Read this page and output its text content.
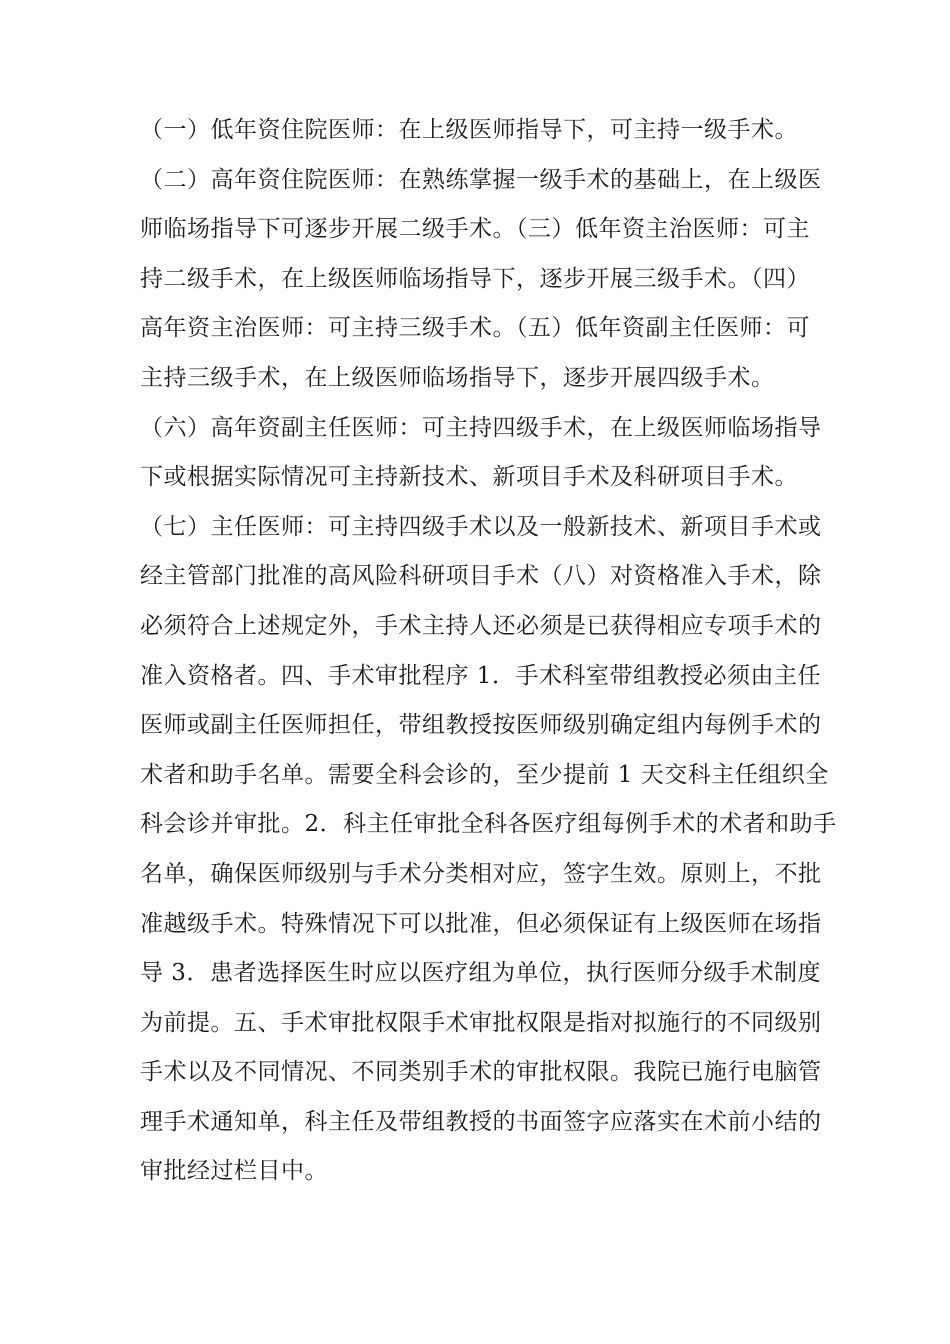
（一）低年资住院医师：在上级医师指导下，可主持一级手术。
（二）高年资住院医师：在熟练掌握一级手术的基础上，在上级医
师临场指导下可逐步开展二级手术。（三）低年资主治医师：可主
持二级手术，在上级医师临场指导下，逐步开展三级手术。（四）
高年资主治医师：可主持三级手术。（五）低年资副主任医师：可
主持三级手术，在上级医师临场指导下，逐步开展四级手术。
（六）高年资副主任医师：可主持四级手术，在上级医师临场指导
下或根据实际情况可主持新技术、新项目手术及科研项目手术。
（七）主任医师：可主持四级手术以及一般新技术、新项目手术或
经主管部门批准的高风险科研项目手术（八）对资格准入手术，除
必须符合上述规定外，手术主持人还必须是已获得相应专项手术的
准入资格者。四、手术审批程序 1．手术科室带组教授必须由主任
医师或副主任医师担任，带组教授按医师级别确定组内每例手术的
术者和助手名单。需要全科会诊的，至少提前 1 天交科主任组织全
科会诊并审批。2．科主任审批全科各医疗组每例手术的术者和助手
名单，确保医师级别与手术分类相对应，签字生效。原则上，不批
准越级手术。特殊情况下可以批准，但必须保证有上级医师在场指
导 3．患者选择医生时应以医疗组为单位，执行医师分级手术制度
为前提。五、手术审批权限手术审批权限是指对拟施行的不同级别
手术以及不同情况、不同类别手术的审批权限。我院已施行电脑管
理手术通知单，科主任及带组教授的书面签字应落实在术前小结的
审批经过栏目中。
